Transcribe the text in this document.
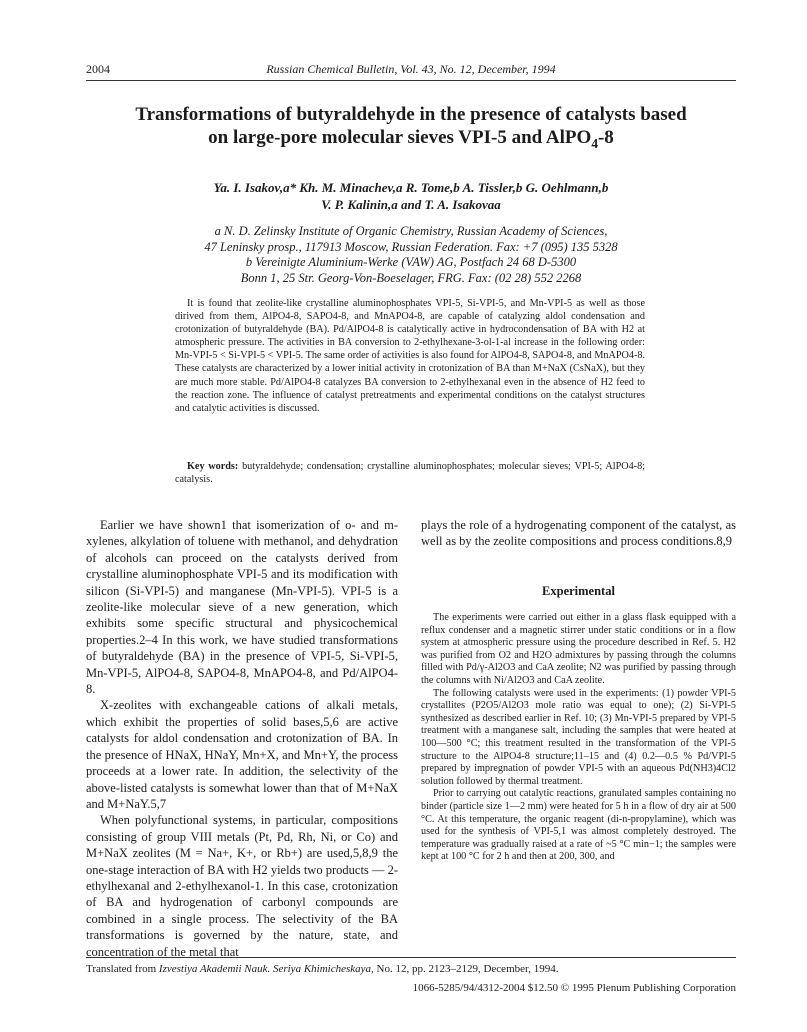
2004	Russian Chemical Bulletin, Vol. 43, No. 12, December, 1994
Transformations of butyraldehyde in the presence of catalysts based
on large-pore molecular sieves VPI-5 and AlPO$_4$-8
Ya. I. Isakov,a* Kh. M. Minachev,a R. Tome,b A. Tissler,b G. Oehlmann,b
V. P. Kalinin,a and T. A. Isakovaa
a N. D. Zelinsky Institute of Organic Chemistry, Russian Academy of Sciences,
47 Leninsky prosp., 117913 Moscow, Russian Federation. Fax: +7 (095) 135 5328
b Vereinigte Aluminium-Werke (VAW) AG, Postfach 24 68 D-5300
Bonn 1, 25 Str. Georg-Von-Boeselager, FRG. Fax: (02 28) 552 2268
It is found that zeolite-like crystalline aluminophosphates VPI-5, Si-VPI-5, and Mn-VPI-5 as well as those dirived from them, AlPO4-8, SAPO4-8, and MnAPO4-8, are capable of catalyzing aldol condensation and crotonization of butyraldehyde (BA). Pd/AlPO4-8 is catalytically active in hydrocondensation of BA with H2 at atmospheric pressure. The activities in BA conversion to 2-ethylhexane-3-ol-1-al increase in the following order: Mn-VPI-5 < Si-VPI-5 < VPI-5. The same order of activities is also found for AlPO4-8, SAPO4-8, and MnAPO4-8. These catalysts are characterized by a lower initial activity in crotonization of BA than M+NaX (CsNaX), but they are much more stable. Pd/AlPO4-8 catalyzes BA conversion to 2-ethylhexanal even in the absence of H2 feed to the reaction zone. The influence of catalyst pretreatments and experimental conditions on the catalyst structures and catalytic activities is discussed.
Key words: butyraldehyde; condensation; crystalline aluminophosphates; molecular sieves; VPI-5; AlPO4-8; catalysis.

Earlier we have shown1 that isomerization of o- and m-xylenes, alkylation of toluene with methanol, and dehydration of alcohols can proceed on the catalysts derived from crystalline aluminophosphate VPI-5 and its modification with silicon (Si-VPI-5) and manganese (Mn-VPI-5). VPI-5 is a zeolite-like molecular sieve of a new generation, which exhibits some specific structural and physicochemical properties.2–4 In this work, we have studied transformations of butyraldehyde (BA) in the presence of VPI-5, Si-VPI-5, Mn-VPI-5, AlPO4-8, SAPO4-8, MnAPO4-8, and Pd/AlPO4-8.

X-zeolites with exchangeable cations of alkali metals, which exhibit the properties of solid bases,5,6 are active catalysts for aldol condensation and crotonization of BA. In the presence of HNaX, HNaY, Mn+X, and Mn+Y, the process proceeds at a lower rate. In addition, the selectivity of the above-listed catalysts is somewhat lower than that of M+NaX and M+NaY.5,7

When polyfunctional systems, in particular, compositions consisting of group VIII metals (Pt, Pd, Rh, Ni, or Co) and M+NaX zeolites (M = Na+, K+, or Rb+) are used,5,8,9 the one-stage interaction of BA with H2 yields two products — 2-ethylhexanal and 2-ethylhexanol-1. In this case, crotonization of BA and hydrogenation of carbonyl compounds are combined in a single process. The selectivity of the BA transformations is governed by the nature, state, and concentration of the metal that

plays the role of a hydrogenating component of the catalyst, as well as by the zeolite compositions and process conditions.8,9
Experimental

The experiments were carried out either in a glass flask equipped with a reflux condenser and a magnetic stirrer under static conditions or in a flow system at atmospheric pressure using the procedure described in Ref. 5. H2 was purified from O2 and H2O admixtures by passing through the columns filled with Pd/γ-Al2O3 and CaA zeolite; N2 was purified by passing through the columns with Ni/Al2O3 and CaA zeolite.

The following catalysts were used in the experiments: (1) powder VPI-5 crystallites (P2O5/Al2O3 mole ratio was equal to one); (2) Si-VPI-5 synthesized as described earlier in Ref. 10; (3) Mn-VPI-5 prepared by VPI-5 treatment with a manganese salt, including the samples that were heated at 100—500 °C; this treatment resulted in the transformation of the VPI-5 structure to the AlPO4-8 structure;11–15 and (4) 0.2—0.5 % Pd/VPI-5 prepared by impregnation of powder VPI-5 with an aqueous Pd(NH3)4Cl2 solution followed by thermal treatment.

Prior to carrying out catalytic reactions, granulated samples containing no binder (particle size 1—2 mm) were heated for 5 h in a flow of dry air at 500 °C. At this temperature, the organic reagent (di-n-propylamine), which was used for the synthesis of VPI-5,1 was almost completely destroyed. The temperature was gradually raised at a rate of ~5 °C min−1; the samples were kept at 100 °C for 2 h and then at 200, 300, and

Translated from Izvestiya Akademii Nauk. Seriya Khimicheskaya, No. 12, pp. 2123–2129, December, 1994.
1066-5285/94/4312-2004 $12.50 © 1995 Plenum Publishing Corporation
